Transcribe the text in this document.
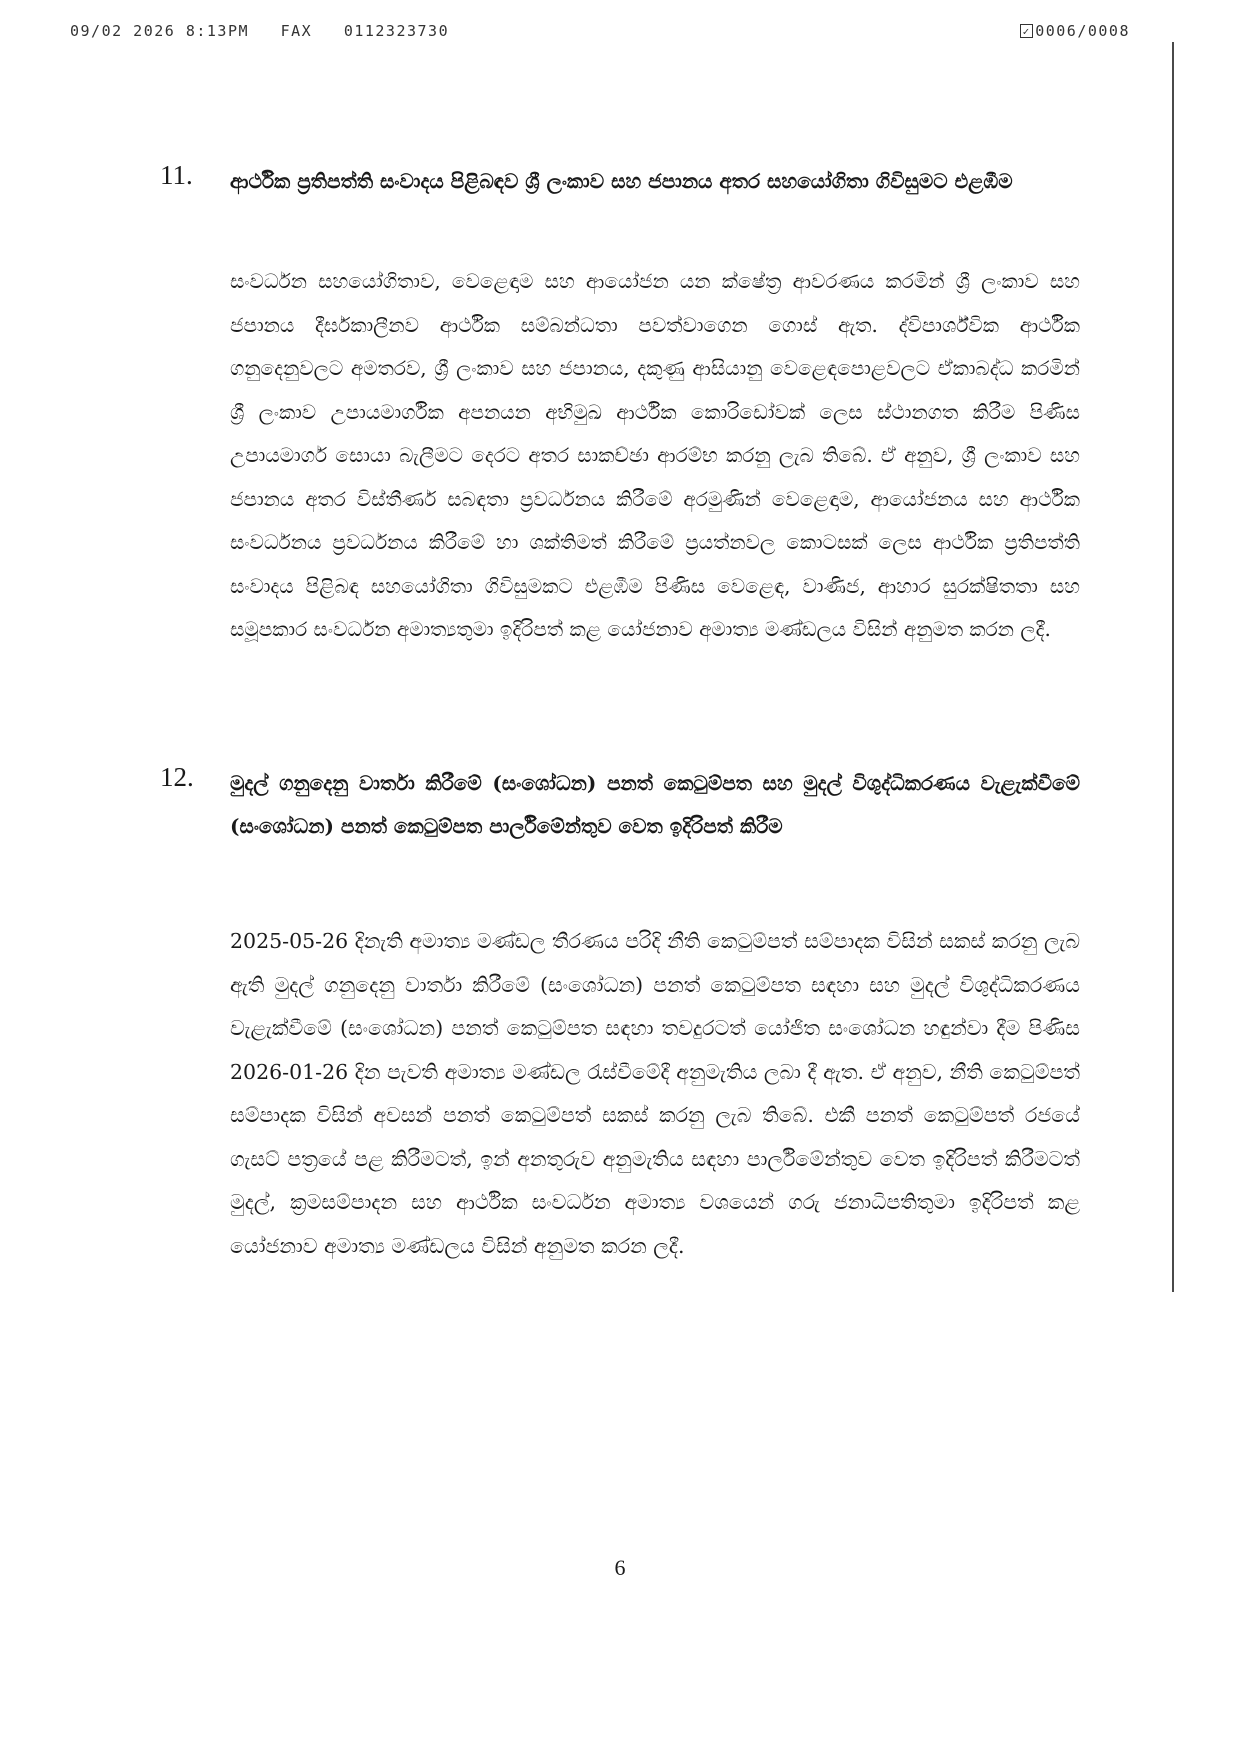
09/02 2026 8:13PM FAX 0112323730	✓ 0006/0008
11. ආර්ථික ප්‍රතිපත්ති සංවාදය පිළිබඳව ශ්‍රී ලංකාව සහ ජපානය අතර සහයෝගිතා ගිවිසුමට එළඹීම
සංවර්ධන සහයෝගිතාව, වෙළෙඳාම සහ ආයෝජන යන ක්ෂේත්‍ර ආවරණය කරමින් ශ්‍රී ලංකාව සහ ජපානය දීර්ඝකාලීනව ආර්ථික සම්බන්ධතා පවත්වාගෙන ගොස් ඇත. ද්විපාර්ශ්වික ආර්ථික ගනුදෙනුවලට අමතරව, ශ්‍රී ලංකාව සහ ජපානය, දකුණු ආසියානු වෙළෙඳපොළවලට ඒකාබද්ධ කරමින් ශ්‍රී ලංකාව උපායමාර්ගික අපනයන අභිමුඛ ආර්ථික කොරිඩෝවක් ලෙස ස්ථානගත කිරීම පිණිස උපායමාර්ග සොයා බැලීමට දෙරට අතර සාකච්ඡා ආරම්භ කරනු ලැබ තිබේ. ඒ අනුව, ශ්‍රී ලංකාව සහ ජපානය අතර විස්තීර්ණ සබඳතා ප්‍රවර්ධනය කිරීමේ අරමුණින් වෙළෙඳාම, ආයෝජනය සහ ආර්ථික සංවර්ධනය ප්‍රවර්ධනය කිරීමේ හා ශක්තිමත් කිරීමේ ප්‍රයත්නවල කොටසක් ලෙස ආර්ථික ප්‍රතිපත්ති සංවාදය පිළිබඳ සහයෝගිතා ගිවිසුමකට එළඹීම පිණිස වෙළෙඳ, වාණිජ, ආහාර සුරක්ෂිතතා සහ සමූපකාර සංවර්ධන අමාත්‍යතුමා ඉදිරිපත් කළ යෝජනාව අමාත්‍ය මණ්ඩලය විසින් අනුමත කරන ලදී.
12. මුදල් ගනුදෙනු වාර්තා කිරීමේ (සංශෝධන) පනත් කෙටුම්පත සහ මුදල් විශුද්ධිකරණය වැළැක්වීමේ (සංශෝධන) පනත් කෙටුම්පත පාර්ලිමේන්තුව වෙත ඉදිරිපත් කිරීම
2025-05-26 දිනැති අමාත්‍ය මණ්ඩල තීරණය පරිදි නීති කෙටුම්පත් සම්පාදක විසින් සකස් කරනු ලැබ ඇති මුදල් ගනුදෙනු වාර්තා කිරීමේ (සංශෝධන) පනත් කෙටුම්පත සඳහා සහ මුදල් විශුද්ධිකරණය වැළැක්වීමේ (සංශෝධන) පනත් කෙටුම්පත සඳහා තවදුරටත් යෝජිත සංශෝධන හඳුන්වා දීම පිණිස 2026-01-26 දින පැවති අමාත්‍ය මණ්ඩල රැස්වීමේදී අනුමැතිය ලබා දී ඇත. ඒ අනුව, නීති කෙටුම්පත් සම්පාදක විසින් අවසන් පනත් කෙටුම්පත් සකස් කරනු ලැබ තිබේ. එකී පනත් කෙටුම්පත් රජයේ ගැසට් පත්‍රයේ පළ කිරීමටත්, ඉන් අනතුරුව අනුමැතිය සඳහා පාර්ලිමේන්තුව වෙත ඉදිරිපත් කිරීමටත් මුදල්, ක්‍රමසම්පාදන සහ ආර්ථික සංවර්ධන අමාත්‍ය වශයෙන් ගරු ජනාධිපතිතුමා ඉදිරිපත් කළ යෝජනාව අමාත්‍ය මණ්ඩලය විසින් අනුමත කරන ලදී.
6
